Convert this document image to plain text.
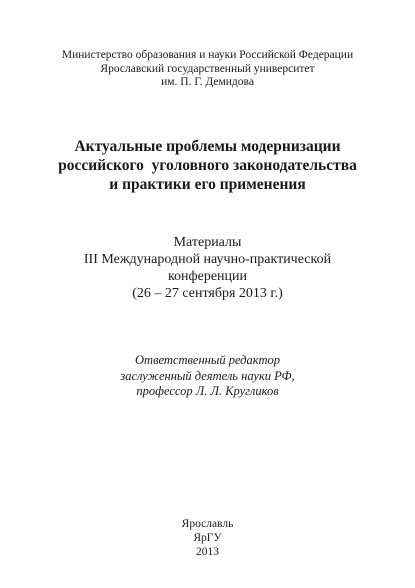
Министерство образования и науки Российской Федерации
Ярославский государственный университет
им. П. Г. Демидова
Актуальные проблемы модернизации
российского  уголовного законодательства
и практики его применения
Материалы
III Международной научно-практической
конференции
(26 – 27 сентября 2013 г.)
Ответственный редактор
заслуженный деятель науки РФ,
профессор Л. Л. Кругликов
Ярославль
ЯрГУ
2013
